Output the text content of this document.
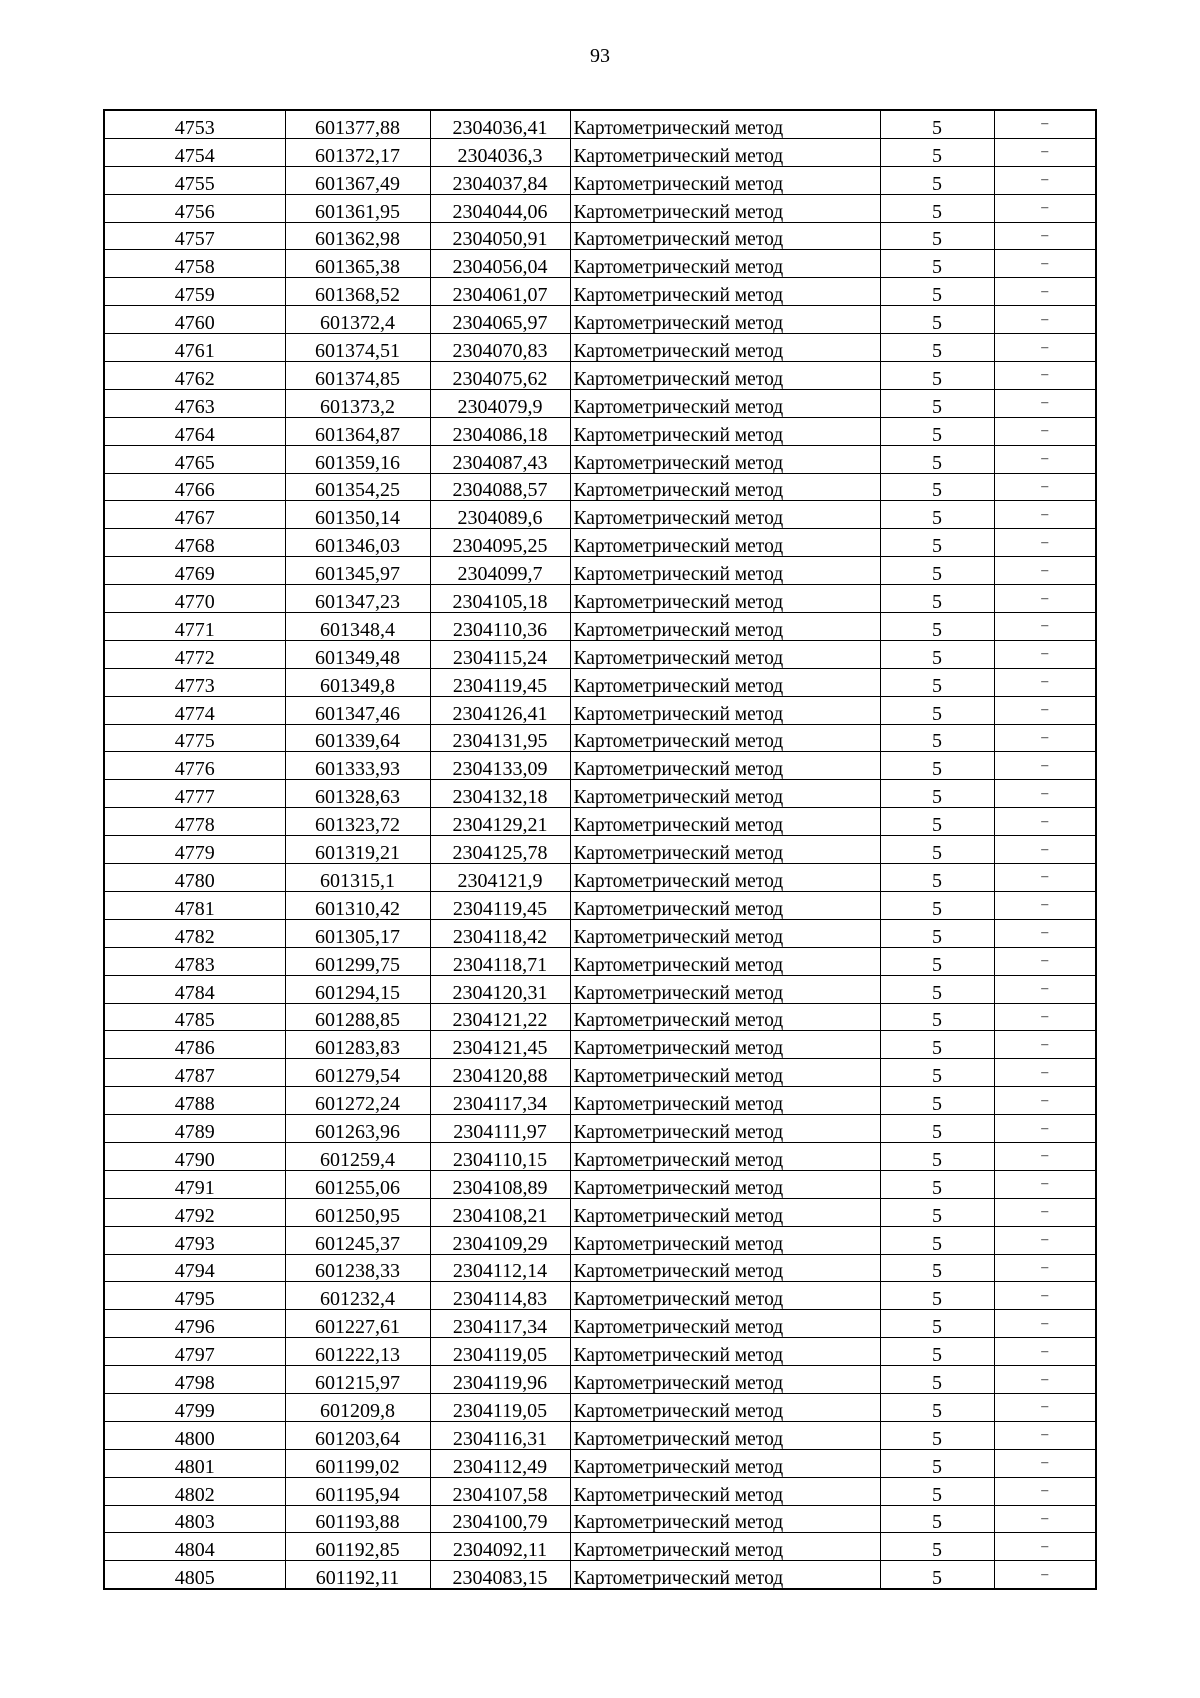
93
4753	601377,88	2304036,41	Картометрический метод	5	–
4754	601372,17	2304036,3	Картометрический метод	5	–
4755	601367,49	2304037,84	Картометрический метод	5	–
4756	601361,95	2304044,06	Картометрический метод	5	–
4757	601362,98	2304050,91	Картометрический метод	5	–
4758	601365,38	2304056,04	Картометрический метод	5	–
4759	601368,52	2304061,07	Картометрический метод	5	–
4760	601372,4	2304065,97	Картометрический метод	5	–
4761	601374,51	2304070,83	Картометрический метод	5	–
4762	601374,85	2304075,62	Картометрический метод	5	–
4763	601373,2	2304079,9	Картометрический метод	5	–
4764	601364,87	2304086,18	Картометрический метод	5	–
4765	601359,16	2304087,43	Картометрический метод	5	–
4766	601354,25	2304088,57	Картометрический метод	5	–
4767	601350,14	2304089,6	Картометрический метод	5	–
4768	601346,03	2304095,25	Картометрический метод	5	–
4769	601345,97	2304099,7	Картометрический метод	5	–
4770	601347,23	2304105,18	Картометрический метод	5	–
4771	601348,4	2304110,36	Картометрический метод	5	–
4772	601349,48	2304115,24	Картометрический метод	5	–
4773	601349,8	2304119,45	Картометрический метод	5	–
4774	601347,46	2304126,41	Картометрический метод	5	–
4775	601339,64	2304131,95	Картометрический метод	5	–
4776	601333,93	2304133,09	Картометрический метод	5	–
4777	601328,63	2304132,18	Картометрический метод	5	–
4778	601323,72	2304129,21	Картометрический метод	5	–
4779	601319,21	2304125,78	Картометрический метод	5	–
4780	601315,1	2304121,9	Картометрический метод	5	–
4781	601310,42	2304119,45	Картометрический метод	5	–
4782	601305,17	2304118,42	Картометрический метод	5	–
4783	601299,75	2304118,71	Картометрический метод	5	–
4784	601294,15	2304120,31	Картометрический метод	5	–
4785	601288,85	2304121,22	Картометрический метод	5	–
4786	601283,83	2304121,45	Картометрический метод	5	–
4787	601279,54	2304120,88	Картометрический метод	5	–
4788	601272,24	2304117,34	Картометрический метод	5	–
4789	601263,96	2304111,97	Картометрический метод	5	–
4790	601259,4	2304110,15	Картометрический метод	5	–
4791	601255,06	2304108,89	Картометрический метод	5	–
4792	601250,95	2304108,21	Картометрический метод	5	–
4793	601245,37	2304109,29	Картометрический метод	5	–
4794	601238,33	2304112,14	Картометрический метод	5	–
4795	601232,4	2304114,83	Картометрический метод	5	–
4796	601227,61	2304117,34	Картометрический метод	5	–
4797	601222,13	2304119,05	Картометрический метод	5	–
4798	601215,97	2304119,96	Картометрический метод	5	–
4799	601209,8	2304119,05	Картометрический метод	5	–
4800	601203,64	2304116,31	Картометрический метод	5	–
4801	601199,02	2304112,49	Картометрический метод	5	–
4802	601195,94	2304107,58	Картометрический метод	5	–
4803	601193,88	2304100,79	Картометрический метод	5	–
4804	601192,85	2304092,11	Картометрический метод	5	–
4805	601192,11	2304083,15	Картометрический метод	5	–
